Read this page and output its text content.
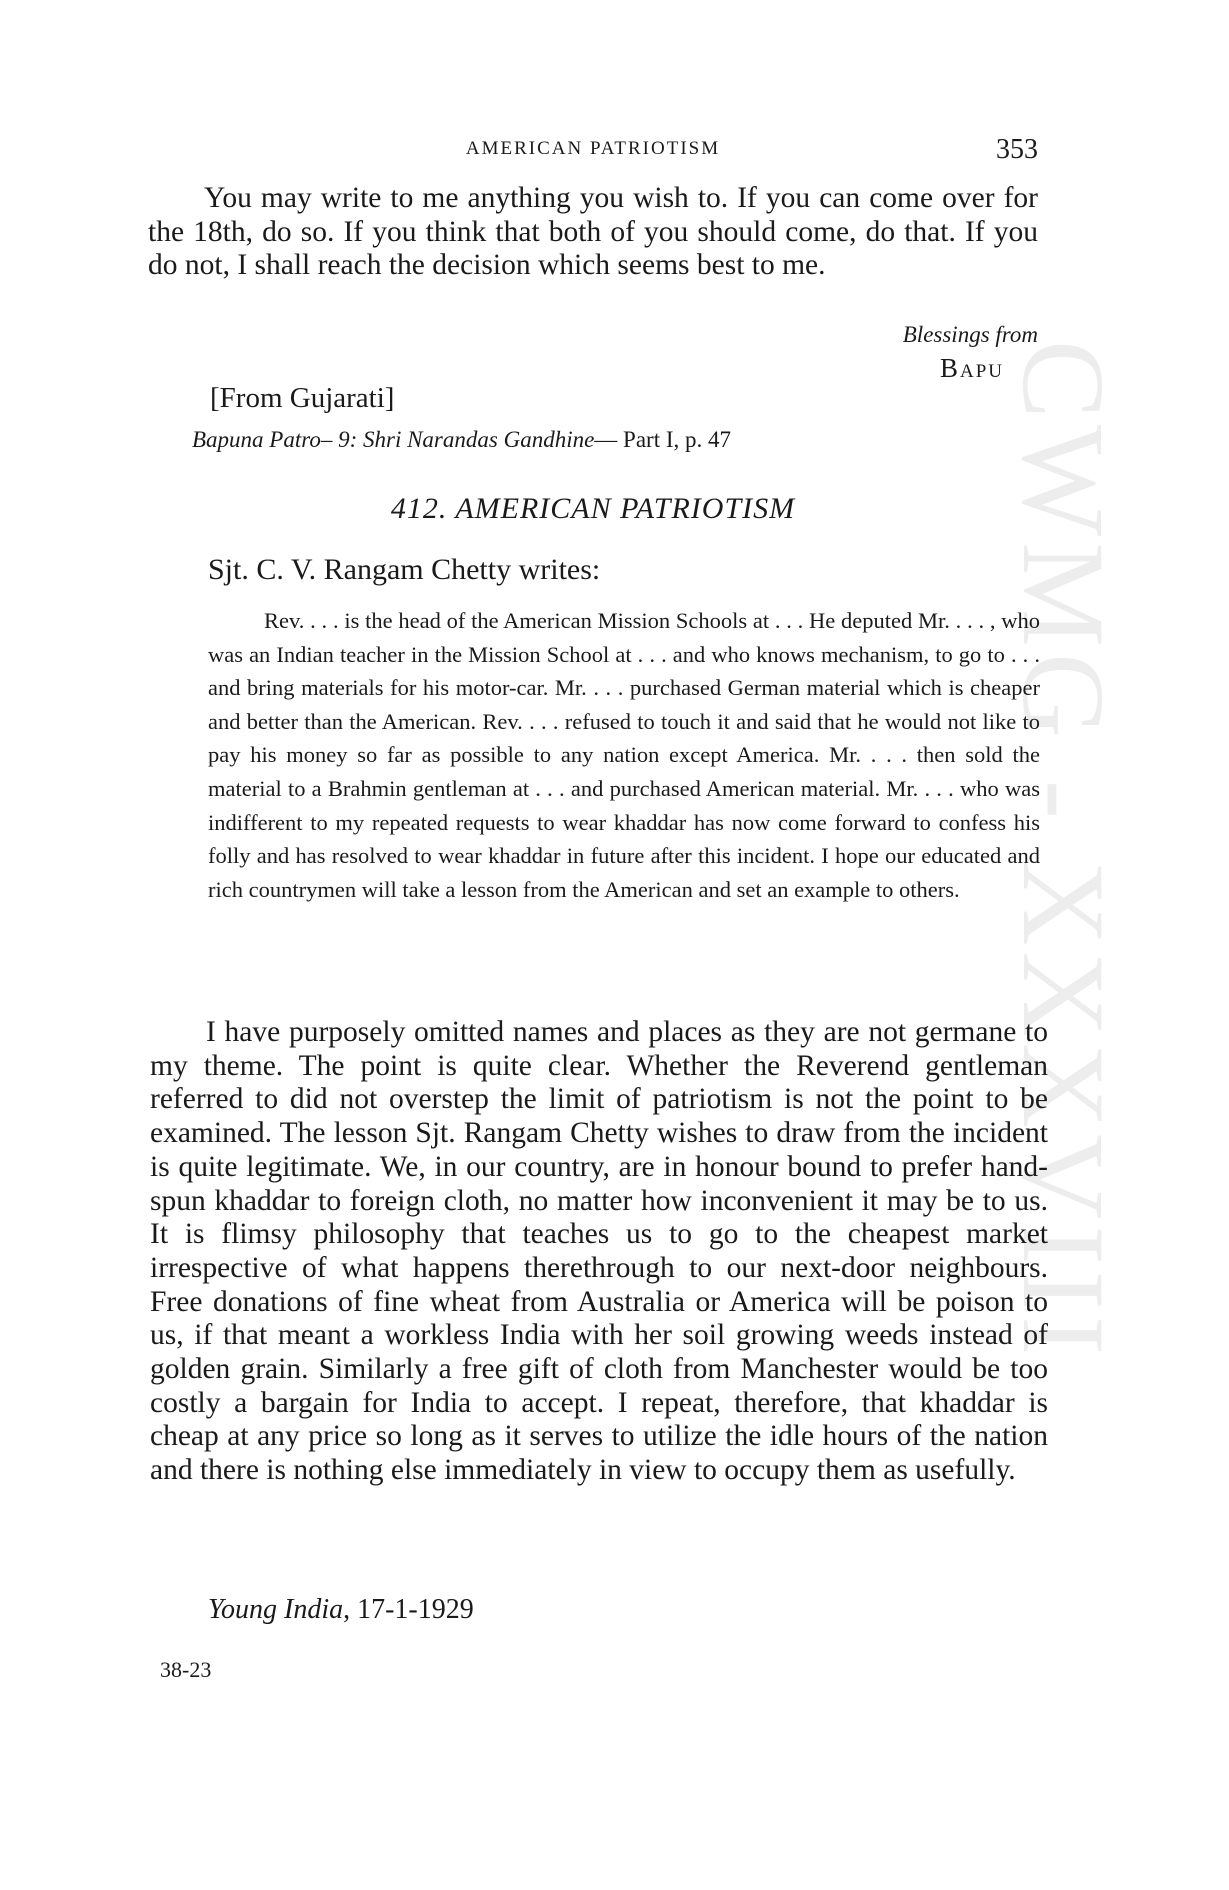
CWMG - XXXVIII
AMERICAN PATRIOTISM	353

You may write to me anything you wish to. If you can come over for the 18th, do so. If you think that both of you should come, do that. If you do not, I shall reach the decision which seems best to me.

Blessings from
Bapu
[From Gujarati]
Bapuna Patro– 9: Shri Narandas Gandhine— Part I, p. 47
412. AMERICAN PATRIOTISM
Sjt. C. V. Rangam Chetty writes:

Rev. . . . is the head of the American Mission Schools at . . . He deputed Mr. . . . , who was an Indian teacher in the Mission School at . . . and who knows mechanism, to go to . . . and bring materials for his motor-car. Mr. . . . purchased German material which is cheaper and better than the American. Rev. . . . refused to touch it and said that he would not like to pay his money so far as possible to any nation except America. Mr. . . . then sold the material to a Brahmin gentleman at . . . and purchased American material. Mr. . . . who was indifferent to my repeated requests to wear khaddar has now come forward to confess his folly and has resolved to wear khaddar in future after this incident. I hope our educated and rich countrymen will take a lesson from the American and set an example to others.

I have purposely omitted names and places as they are not germane to my theme. The point is quite clear. Whether the Reverend gentleman referred to did not overstep the limit of patriotism is not the point to be examined. The lesson Sjt. Rangam Chetty wishes to draw from the incident is quite legitimate. We, in our country, are in honour bound to prefer hand-spun khaddar to foreign cloth, no matter how inconvenient it may be to us. It is flimsy philosophy that teaches us to go to the cheapest market irrespective of what happens therethrough to our next-door neighbours. Free donations of fine wheat from Australia or America will be poison to us, if that meant a workless India with her soil growing weeds instead of golden grain. Similarly a free gift of cloth from Manchester would be too costly a bargain for India to accept. I repeat, therefore, that khaddar is cheap at any price so long as it serves to utilize the idle hours of the nation and there is nothing else immediately in view to occupy them as usefully.

Young India, 17-1-1929
38-23
